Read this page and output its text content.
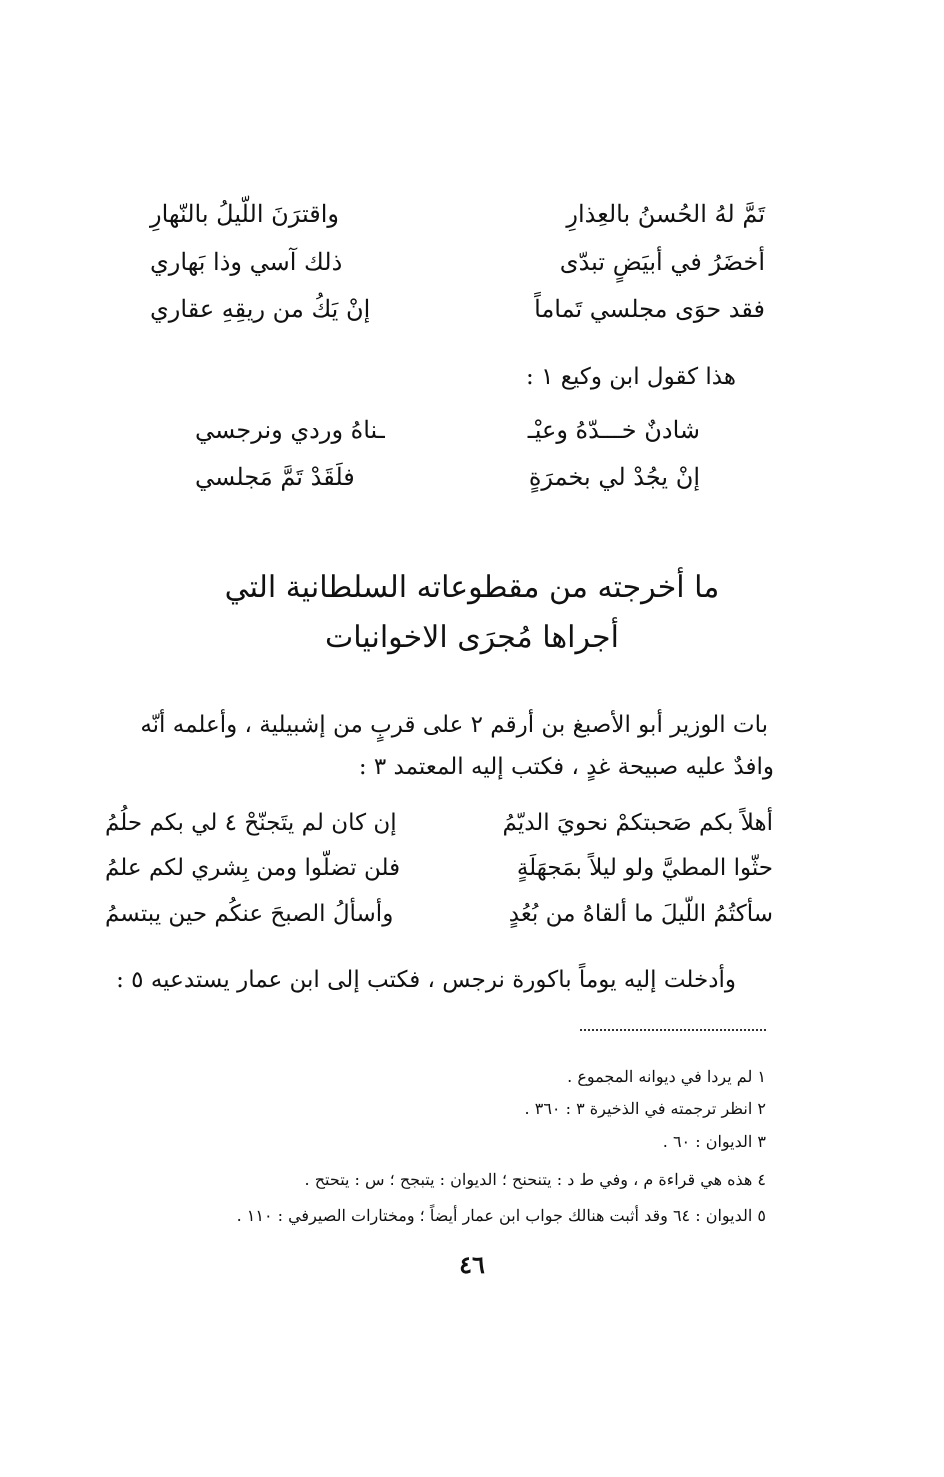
تَمَّ لهُ الحُسنُ بالعِذارِ
واقترَنَ اللّيلُ بالنّهارِ
أخضَرُ في أبيَضٍ تبدّى
ذلك آسي وذا بَهاري
فقد حوَى مجلسي تَماماً
إنْ يَكُ من ريقِهِ عقاري
هذا كقول ابن وكيع ١ :
شادنٌ خـــدّهُ وعيْـ
ـناهُ وردي ونرجسي
إنْ يجُدْ لي بخمرَةٍ
فلَقَدْ تَمَّ مَجلسي
ما أخرجته من مقطوعاته السلطانية التي
أجراها مُجرَى الاخوانيات
بات الوزير أبو الأصبغ بن أرقم ٢ على قربٍ من إشبيلية ، وأعلمه أنّه
وافدٌ عليه صبيحة غدٍ ، فكتب إليه المعتمد ٣ :
أهلاً بكم صَحبتكمْ نحويَ الديّمُ
إن كان لم يتَجنّحْ ٤ لي بكم حلُمُ
حثّوا المطيَّ ولو ليلاً بمَجهَلَةٍ
فلن تضلّوا ومن بِشري لكم علمُ
سأكتُمُ اللّيلَ ما ألقاهُ من بُعُدٍ
وأسألُ الصبحَ عنكُم حين يبتسمُ
وأدخلت إليه يوماً باكورة نرجس ، فكتب إلى ابن عمار يستدعيه ٥ :
١ لم يردا في ديوانه المجموع .
٢ انظر ترجمته في الذخيرة ٣ : ٣٦٠ .
٣ الديوان : ٦٠ .
٤ هذه هي قراءة م ، وفي ط د : يتنحنح ؛ الديوان : يتبجح ؛ س : يتحتح .
٥ الديوان : ٦٤ وقد أثبت هنالك جواب ابن عمار أيضاً ؛ ومختارات الصيرفي : ١١٠ .
٤٦
